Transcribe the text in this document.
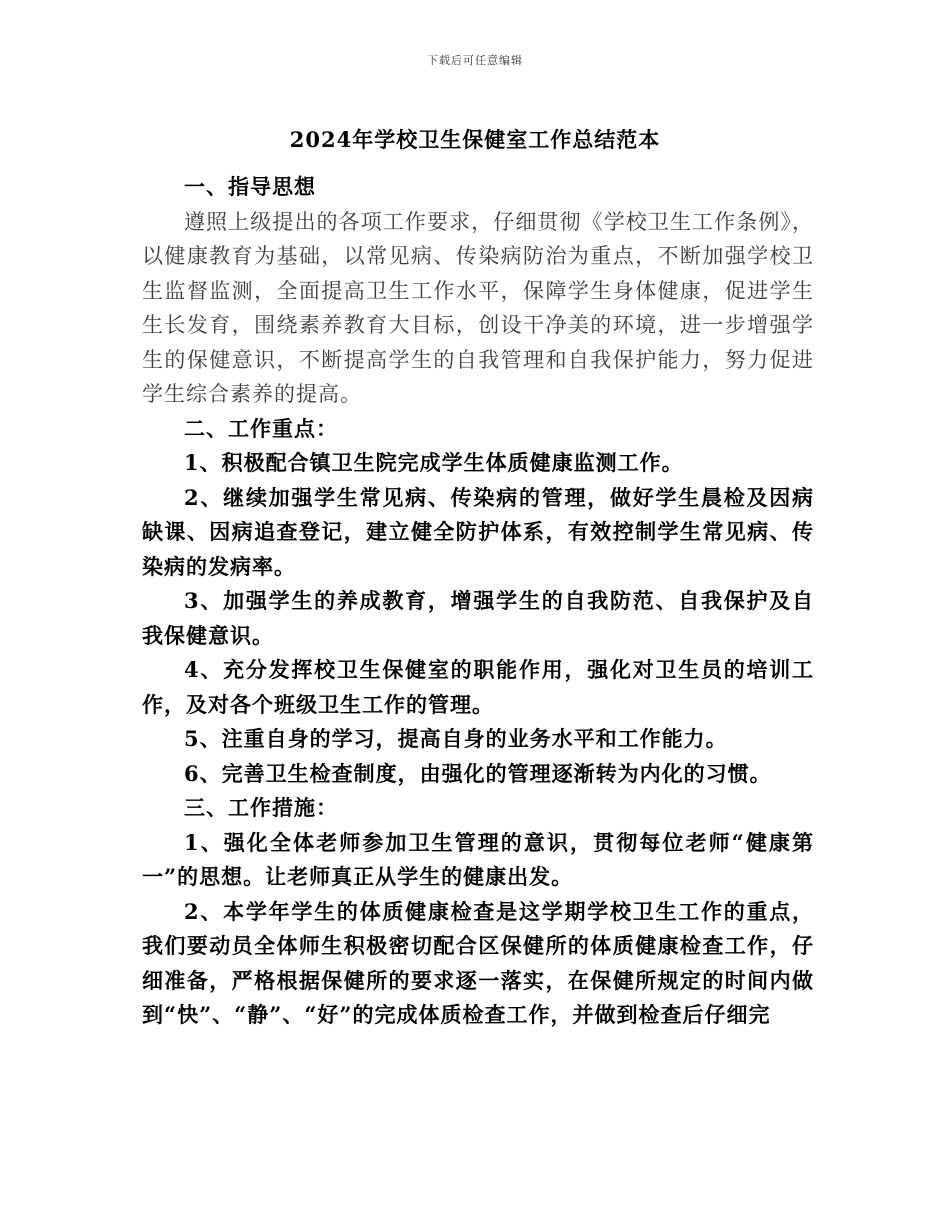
下载后可任意编辑
2024年学校卫生保健室工作总结范本

一、指导思想

遵照上级提出的各项工作要求，仔细贯彻《学校卫生工作条例》，以健康教育为基础，以常见病、传染病防治为重点，不断加强学校卫生监督监测，全面提高卫生工作水平，保障学生身体健康，促进学生生长发育，围绕素养教育大目标，创设干净美的环境，进一步增强学生的保健意识，不断提高学生的自我管理和自我保护能力，努力促进学生综合素养的提高。

二、工作重点：

1、积极配合镇卫生院完成学生体质健康监测工作。

2、继续加强学生常见病、传染病的管理，做好学生晨检及因病缺课、因病追查登记，建立健全防护体系，有效控制学生常见病、传染病的发病率。

3、加强学生的养成教育，增强学生的自我防范、自我保护及自我保健意识。

4、充分发挥校卫生保健室的职能作用，强化对卫生员的培训工作，及对各个班级卫生工作的管理。

5、注重自身的学习，提高自身的业务水平和工作能力。

6、完善卫生检查制度，由强化的管理逐渐转为内化的习惯。

三、工作措施：

1、强化全体老师参加卫生管理的意识，贯彻每位老师“健康第一”的思想。让老师真正从学生的健康出发。

2、本学年学生的体质健康检查是这学期学校卫生工作的重点，我们要动员全体师生积极密切配合区保健所的体质健康检查工作，仔细准备，严格根据保健所的要求逐一落实，在保健所规定的时间内做到“快”、“静”、“好”的完成体质检查工作，并做到检查后仔细完
